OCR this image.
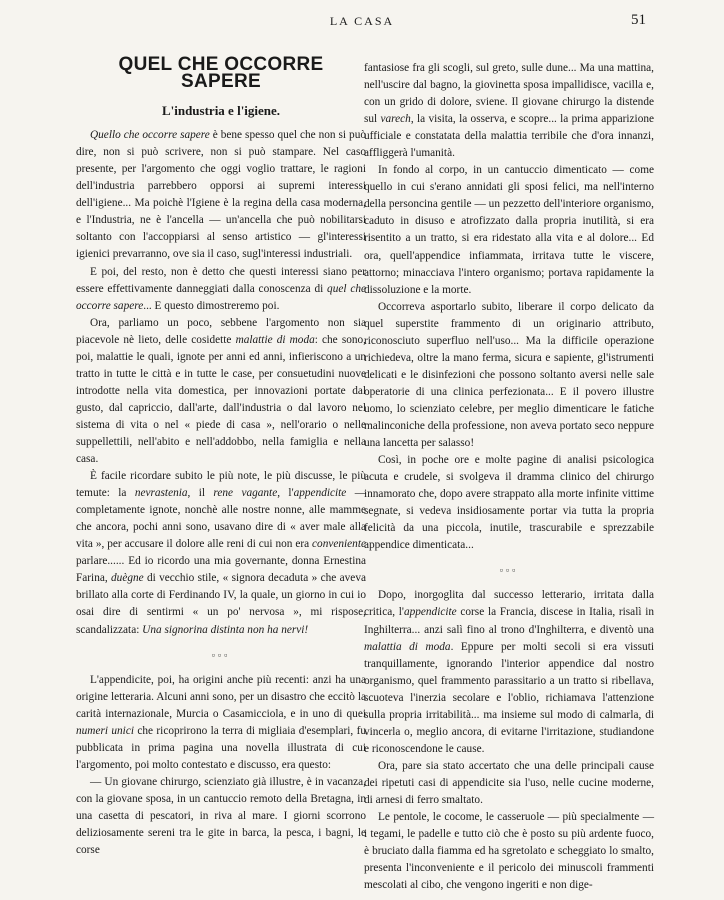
LA CASA	51
QUEL CHE OCCORRE SAPERE
L'industria e l'igiene.

Quello che occorre sapere è bene spesso quel che non si può dire, non si può scrivere, non si può stampare. Nel caso presente, per l'argomento che oggi voglio trattare, le ragioni dell'industria parrebbero opporsi ai supremi interessi dell'igiene... Ma poichè l'Igiene è la regina della casa moderna, e l'Industria, ne è l'ancella — un'ancella che può nobilitarsi soltanto con l'accoppiarsi al senso artistico — gl'interessi igienici prevarranno, ove sia il caso, sugl'interessi industriali.

E poi, del resto, non è detto che questi interessi siano per essere effettivamente danneggiati dalla conoscenza di quel che occorre sapere... E questo dimostreremo poi.

Ora, parliamo un poco, sebbene l'argomento non sia piacevole nè lieto, delle cosidette malattie di moda: che sono, poi, malattie le quali, ignote per anni ed anni, infieriscono a un tratto in tutte le città e in tutte le case, per consuetudini nuove introdotte nella vita domestica, per innovazioni portate dal gusto, dal capriccio, dall'arte, dall'industria o dal lavoro nel sistema di vita o nel « piede di casa », nell'orario o nelle suppellettili, nell'abito e nell'addobbo, nella famiglia e nella casa.

È facile ricordare subito le più note, le più discusse, le più temute: la nevrastenia, il rene vagante, l'appendicite — completamente ignote, nonchè alle nostre nonne, alle mamme che ancora, pochi anni sono, usavano dire di « aver male alla vita », per accusare il dolore alle reni di cui non era conveniente parlare...... Ed io ricordo una mia governante, donna Ernestina Farina, duègne di vecchio stile, « signora decaduta » che aveva brillato alla corte di Ferdinando IV, la quale, un giorno in cui io osai dire di sentirmi « un po' nervosa », mi rispose, scandalizzata: Una signorina distinta non ha nervi!

▫▫▫

L'appendicite, poi, ha origini anche più recenti: anzi ha una origine letteraria. Alcuni anni sono, per un disastro che eccitò la carità internazionale, Murcia o Casamicciola, e in uno di quei numeri unici che ricoprirono la terra di migliaia d'esemplari, fu pubblicata in prima pagina una novella illustrata di cui l'argomento, poi molto contestato e discusso, era questo:

— Un giovane chirurgo, scienziato già illustre, è in vacanza, con la giovane sposa, in un cantuccio remoto della Bretagna, in una casetta di pescatori, in riva al mare. I giorni scorrono deliziosamente sereni tra le gite in barca, la pesca, i bagni, le corse

fantasiose fra gli scogli, sul greto, sulle dune... Ma una mattina, nell'uscire dal bagno, la giovinetta sposa impallidisce, vacilla e, con un grido di dolore, sviene. Il giovane chirurgo la distende sul varech, la visita, la osserva, e scopre... la prima apparizione ufficiale e constatata della malattia terribile che d'ora innanzi, affliggerà l'umanità.

In fondo al corpo, in un cantuccio dimenticato — come quello in cui s'erano annidati gli sposi felici, ma nell'interno della personcina gentile — un pezzetto dell'interiore organismo, caduto in disuso e atrofizzato dalla propria inutilità, si era risentito a un tratto, si era ridestato alla vita e al dolore... Ed ora, quell'appendice infiammata, irritava tutte le viscere, attorno; minacciava l'intero organismo; portava rapidamente la dissoluzione e la morte.

Occorreva asportarlo subito, liberare il corpo delicato da quel superstite frammento di un originario attributo, riconosciuto superfluo nell'uso... Ma la difficile operazione richiedeva, oltre la mano ferma, sicura e sapiente, gl'istrumenti delicati e le disinfezioni che possono soltanto aversi nelle sale operatorie di una clinica perfezionata... E il povero illustre uomo, lo scienziato celebre, per meglio dimenticare le fatiche malinconiche della professione, non aveva portato seco neppure una lancetta per salasso!

Così, in poche ore e molte pagine di analisi psicologica acuta e crudele, si svolgeva il dramma clinico del chirurgo innamorato che, dopo avere strappato alla morte infinite vittime segnate, si vedeva insidiosamente portar via tutta la propria felicità da una piccola, inutile, trascurabile e sprezzabile appendice dimenticata...

▫▫▫

Dopo, inorgoglita dal successo letterario, irritata dalla critica, l'appendicite corse la Francia, discese in Italia, risalì in Inghilterra... anzi salì fino al trono d'Inghilterra, e diventò una malattia di moda. Eppure per molti secoli si era vissuti tranquillamente, ignorando l'interior appendice dal nostro organismo, quel frammento parassitario a un tratto si ribellava, scuoteva l'inerzia secolare e l'oblio, richiamava l'attenzione sulla propria irritabilità... ma insieme sul modo di calmarla, di vincerla o, meglio ancora, di evitarne l'irritazione, studiandone e riconoscendone le cause.

Ora, pare sia stato accertato che una delle principali cause dei ripetuti casi di appendicite sia l'uso, nelle cucine moderne, di arnesi di ferro smaltato.

Le pentole, le cocome, le casseruole — più specialmente — i tegami, le padelle e tutto ciò che è posto su più ardente fuoco, è bruciato dalla fiamma ed ha sgretolato e scheggiato lo smalto, presenta l'inconveniente e il pericolo dei minuscoli frammenti mescolati al cibo, che vengono ingeriti e non dige-
